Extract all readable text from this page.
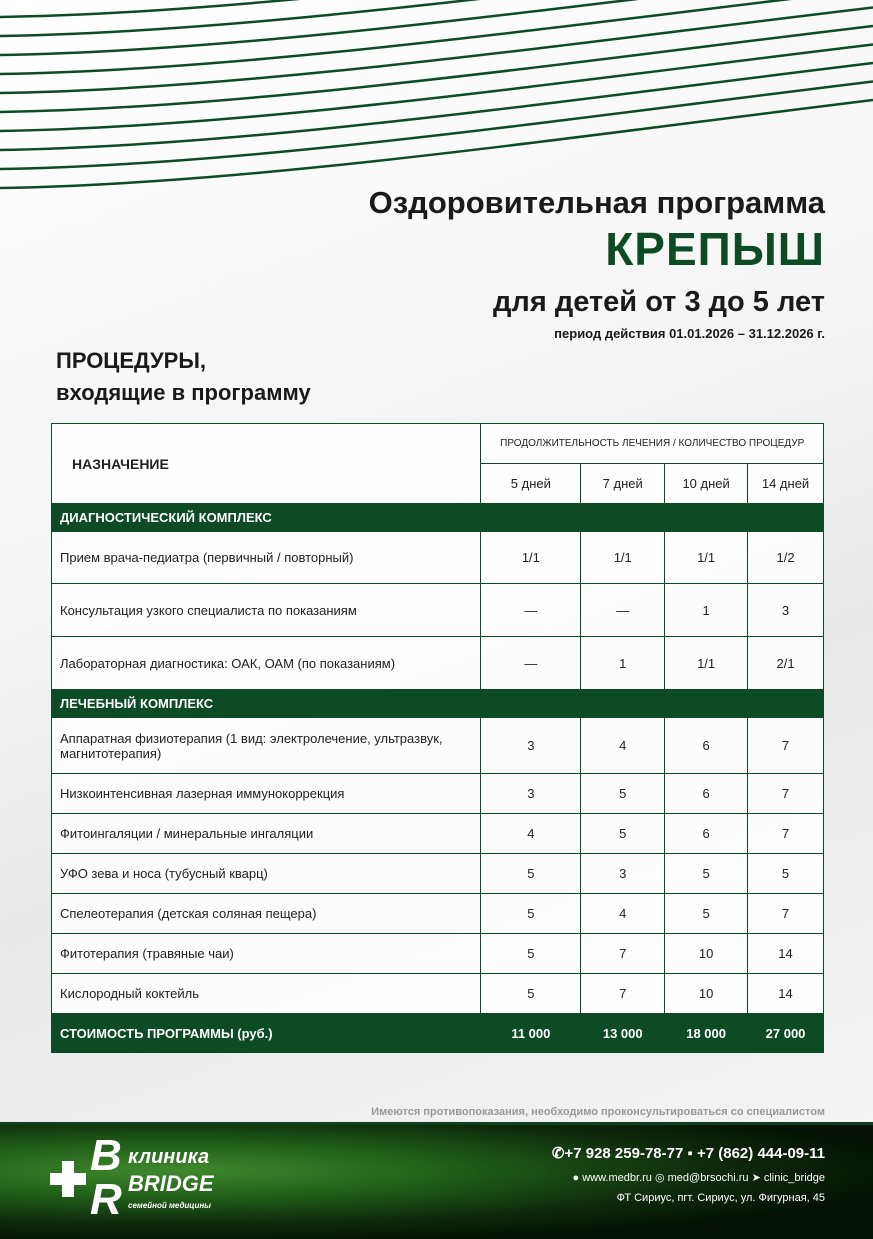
Оздоровительная программа
КРЕПЫШ
для детей от 3 до 5 лет
период действия 01.01.2026 – 31.12.2026 г.
ПРОЦЕДУРЫ,
входящие в программу
НАЗНАЧЕНИЕ	ПРОДОЛЖИТЕЛЬНОСТЬ ЛЕЧЕНИЯ / КОЛИЧЕСТВО ПРОЦЕДУР			
	5 дней	7 дней	10 дней	14 дней
ДИАГНОСТИЧЕСКИЙ КОМПЛЕКС				
Прием врача-педиатра (первичный / повторный)	1/1	1/1	1/1	1/2
Консультация узкого специалиста по показаниям	—	—	1	3
Лабораторная диагностика: ОАК, ОАМ (по показаниям)	—	1	1/1	2/1
ЛЕЧЕБНЫЙ КОМПЛЕКС				
Аппаратная физиотерапия (1 вид: электролечение, ультразвук, магнитотерапия)	3	4	6	7
Низкоинтенсивная лазерная иммунокоррекция	3	5	6	7
Фитоингаляции / минеральные ингаляции	4	5	6	7
УФО зева и носа (тубусный кварц)	5	3	5	5
Спелеотерапия (детская соляная пещера)	5	4	5	7
Фитотерапия (травяные чаи)	5	7	10	14
Кислородный коктейль	5	7	10	14
СТОИМОСТЬ ПРОГРАММЫ (руб.)	11 000	13 000	18 000	27 000
Имеются противопоказания, необходимо проконсультироваться со специалистом
B
R
клиника
BRIDGE
семейной медицины
✆+7 928 259-78-77 ▪ +7 (862) 444-09-11
● www.medbr.ru ◎ med@brsochi.ru ➤ clinic_bridge
ФТ Сириус, пгт. Сириус, ул. Фигурная, 45
